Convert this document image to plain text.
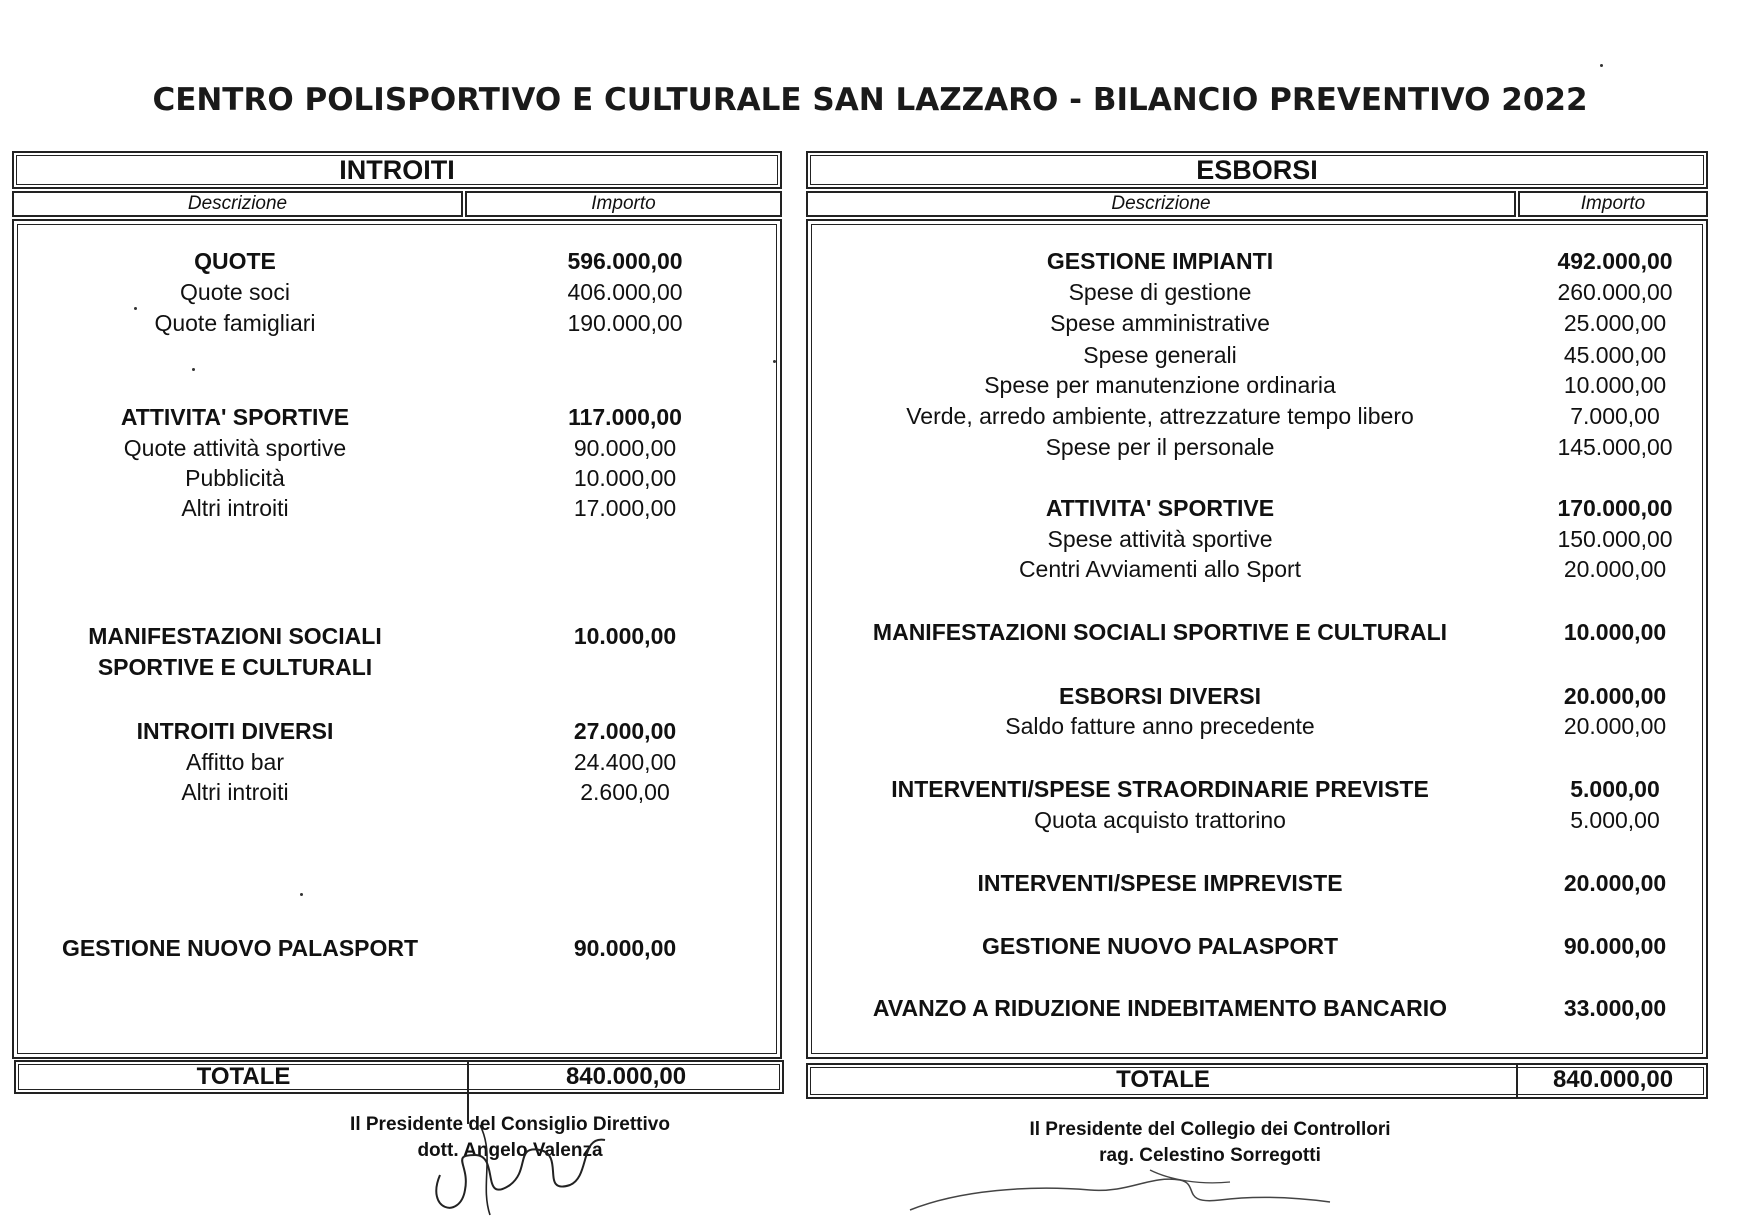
CENTRO POLISPORTIVO E CULTURALE SAN LAZZARO - BILANCIO PREVENTIVO 2022
INTROITI
Descrizione	Importo
QUOTE	596.000,00
Quote soci	406.000,00
Quote famigliari	190.000,00
ATTIVITA' SPORTIVE	117.000,00
Quote attività sportive	90.000,00
Pubblicità	10.000,00
Altri introiti	17.000,00
MANIFESTAZIONI SOCIALI	10.000,00
SPORTIVE E CULTURALI
INTROITI DIVERSI	27.000,00
Affitto bar	24.400,00
Altri introiti	2.600,00
GESTIONE NUOVO PALASPORT	90.000,00
TOTALE	840.000,00
ESBORSI
Descrizione	Importo
GESTIONE IMPIANTI	492.000,00
Spese di gestione	260.000,00
Spese amministrative	25.000,00
Spese generali	45.000,00
Spese per manutenzione ordinaria	10.000,00
Verde, arredo ambiente, attrezzature tempo libero	7.000,00
Spese per il personale	145.000,00
ATTIVITA' SPORTIVE	170.000,00
Spese attività sportive	150.000,00
Centri Avviamenti allo Sport	20.000,00
MANIFESTAZIONI SOCIALI SPORTIVE E CULTURALI	10.000,00
ESBORSI DIVERSI	20.000,00
Saldo fatture anno precedente	20.000,00
INTERVENTI/SPESE STRAORDINARIE PREVISTE	5.000,00
Quota acquisto trattorino	5.000,00
INTERVENTI/SPESE IMPREVISTE	20.000,00
GESTIONE NUOVO PALASPORT	90.000,00
AVANZO A RIDUZIONE INDEBITAMENTO BANCARIO	33.000,00
TOTALE	840.000,00
Il Presidente del Consiglio Direttivo
dott. Angelo Valenza
Il Presidente del Collegio dei Controllori
rag. Celestino Sorregotti
